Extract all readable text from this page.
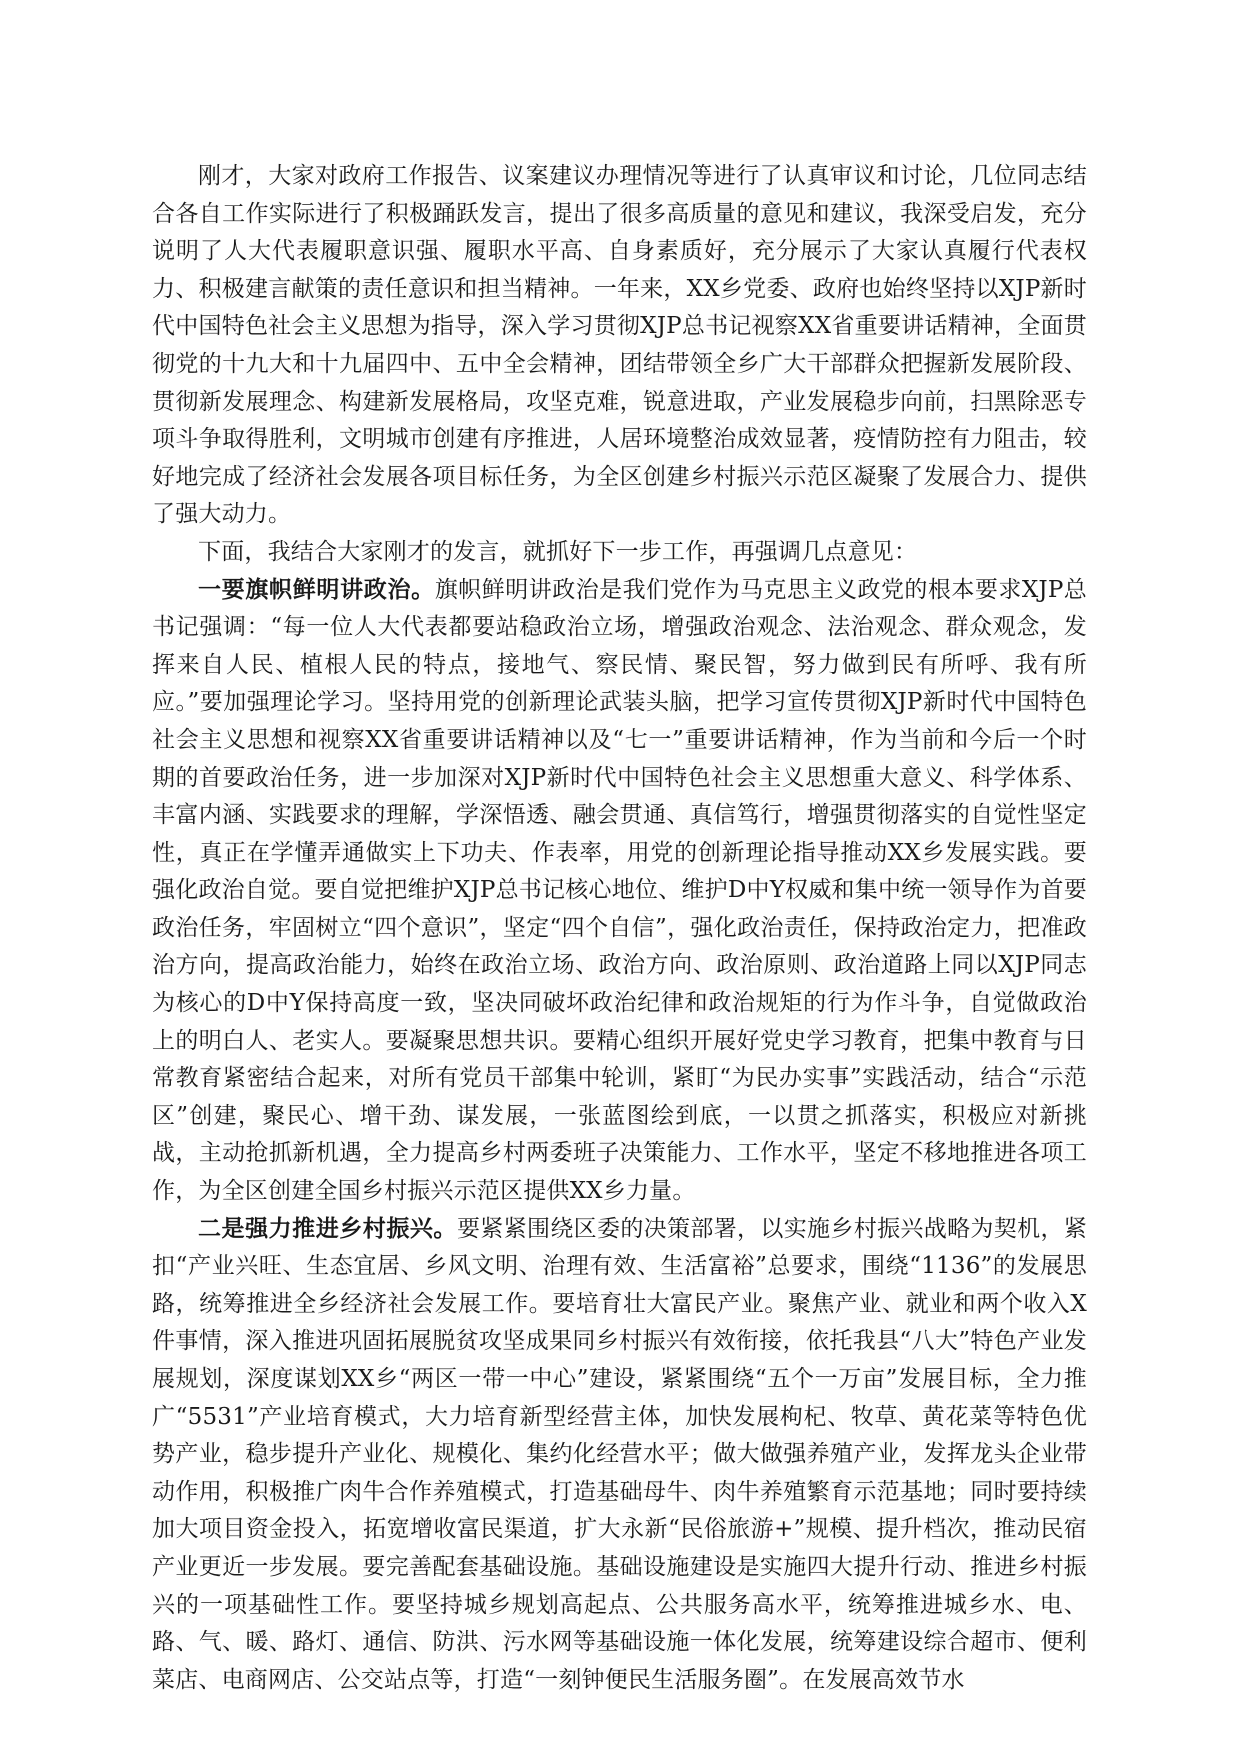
刚才，大家对政府工作报告、议案建议办理情况等进行了认真审议和讨论，几位同志结合各自工作实际进行了积极踊跃发言，提出了很多高质量的意见和建议，我深受启发，充分说明了人大代表履职意识强、履职水平高、自身素质好，充分展示了大家认真履行代表权力、积极建言献策的责任意识和担当精神。一年来，XX乡党委、政府也始终坚持以XJP新时代中国特色社会主义思想为指导，深入学习贯彻XJP总书记视察XX省重要讲话精神，全面贯彻党的十九大和十九届四中、五中全会精神，团结带领全乡广大干部群众把握新发展阶段、贯彻新发展理念、构建新发展格局，攻坚克难，锐意进取，产业发展稳步向前，扫黑除恶专项斗争取得胜利，文明城市创建有序推进，人居环境整治成效显著，疫情防控有力阻击，较好地完成了经济社会发展各项目标任务，为全区创建乡村振兴示范区凝聚了发展合力、提供了强大动力。

下面，我结合大家刚才的发言，就抓好下一步工作，再强调几点意见：

一要旗帜鲜明讲政治。旗帜鲜明讲政治是我们党作为马克思主义政党的根本要求XJP总书记强调：“每一位人大代表都要站稳政治立场，增强政治观念、法治观念、群众观念，发挥来自人民、植根人民的特点，接地气、察民情、聚民智，努力做到民有所呼、我有所应。”要加强理论学习。坚持用党的创新理论武装头脑，把学习宣传贯彻XJP新时代中国特色社会主义思想和视察XX省重要讲话精神以及“七一”重要讲话精神，作为当前和今后一个时期的首要政治任务，进一步加深对XJP新时代中国特色社会主义思想重大意义、科学体系、丰富内涵、实践要求的理解，学深悟透、融会贯通、真信笃行，增强贯彻落实的自觉性坚定性，真正在学懂弄通做实上下功夫、作表率，用党的创新理论指导推动XX乡发展实践。要强化政治自觉。要自觉把维护XJP总书记核心地位、维护D中Y权威和集中统一领导作为首要政治任务，牢固树立“四个意识”，坚定“四个自信”，强化政治责任，保持政治定力，把准政治方向，提高政治能力，始终在政治立场、政治方向、政治原则、政治道路上同以XJP同志为核心的D中Y保持高度一致，坚决同破坏政治纪律和政治规矩的行为作斗争，自觉做政治上的明白人、老实人。要凝聚思想共识。要精心组织开展好党史学习教育，把集中教育与日常教育紧密结合起来，对所有党员干部集中轮训，紧盯“为民办实事”实践活动，结合“示范区”创建，聚民心、增干劲、谋发展，一张蓝图绘到底，一以贯之抓落实，积极应对新挑战，主动抢抓新机遇，全力提高乡村两委班子决策能力、工作水平，坚定不移地推进各项工作，为全区创建全国乡村振兴示范区提供XX乡力量。

二是强力推进乡村振兴。要紧紧围绕区委的决策部署，以实施乡村振兴战略为契机，紧扣“产业兴旺、生态宜居、乡风文明、治理有效、生活富裕”总要求，围绕“1136”的发展思路，统筹推进全乡经济社会发展工作。要培育壮大富民产业。聚焦产业、就业和两个收入X件事情，深入推进巩固拓展脱贫攻坚成果同乡村振兴有效衔接，依托我县“八大”特色产业发展规划，深度谋划XX乡“两区一带一中心”建设，紧紧围绕“五个一万亩”发展目标，全力推广“5531”产业培育模式，大力培育新型经营主体，加快发展枸杞、牧草、黄花菜等特色优势产业，稳步提升产业化、规模化、集约化经营水平；做大做强养殖产业，发挥龙头企业带动作用，积极推广肉牛合作养殖模式，打造基础母牛、肉牛养殖繁育示范基地；同时要持续加大项目资金投入，拓宽增收富民渠道，扩大永新“民俗旅游+”规模、提升档次，推动民宿产业更近一步发展。要完善配套基础设施。基础设施建设是实施四大提升行动、推进乡村振兴的一项基础性工作。要坚持城乡规划高起点、公共服务高水平，统筹推进城乡水、电、路、气、暖、路灯、通信、防洪、污水网等基础设施一体化发展，统筹建设综合超市、便利菜店、电商网店、公交站点等，打造“一刻钟便民生活服务圈”。在发展高效节水
